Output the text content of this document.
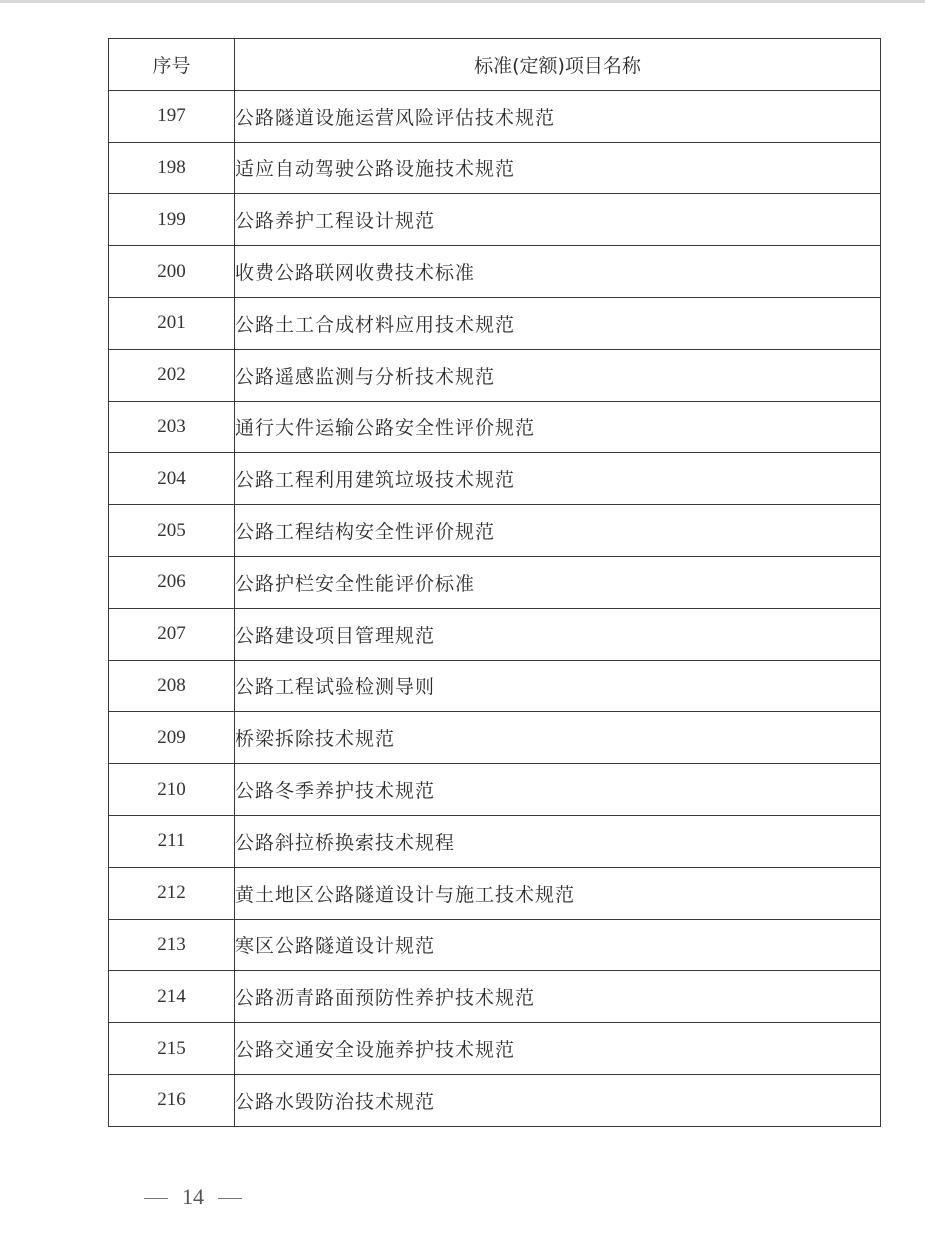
序号	标准(定额)项目名称
197	公路隧道设施运营风险评估技术规范
198	适应自动驾驶公路设施技术规范
199	公路养护工程设计规范
200	收费公路联网收费技术标准
201	公路土工合成材料应用技术规范
202	公路遥感监测与分析技术规范
203	通行大件运输公路安全性评价规范
204	公路工程利用建筑垃圾技术规范
205	公路工程结构安全性评价规范
206	公路护栏安全性能评价标准
207	公路建设项目管理规范
208	公路工程试验检测导则
209	桥梁拆除技术规范
210	公路冬季养护技术规范
211	公路斜拉桥换索技术规程
212	黄土地区公路隧道设计与施工技术规范
213	寒区公路隧道设计规范
214	公路沥青路面预防性养护技术规范
215	公路交通安全设施养护技术规范
216	公路水毁防治技术规范
14
